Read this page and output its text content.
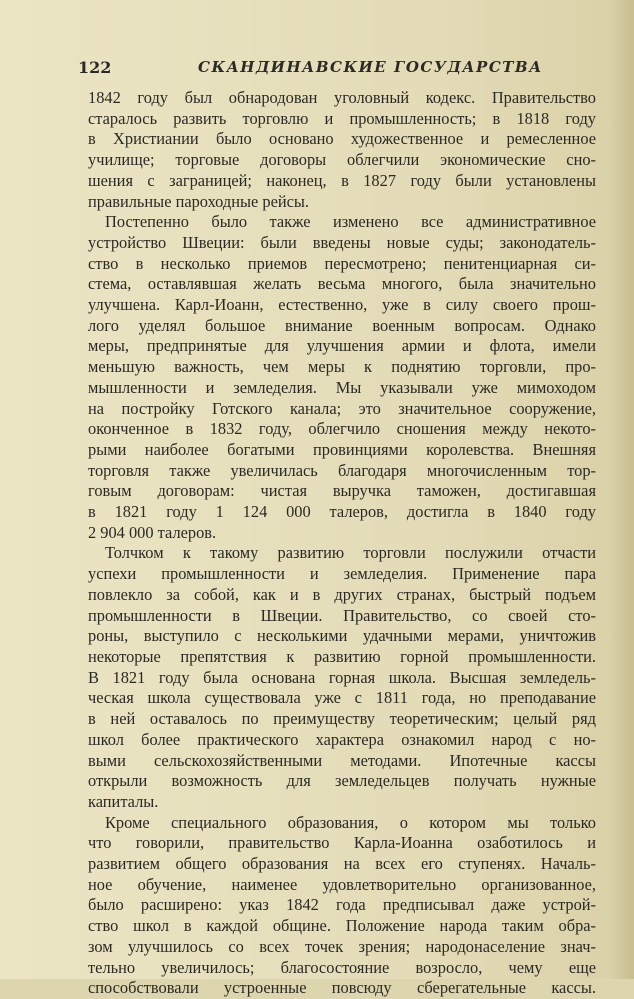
122	СКАНДИНАВСКИЕ ГОСУДАРСТВА
1842 году был обнародован уголовный кодекс. Правительство
старалось развить торговлю и промышленность; в 1818 году
в Христиании было основано художественное и ремесленное
училище; торговые договоры облегчили экономические сно-
шения с заграницей; наконец, в 1827 году были установлены
правильные пароходные рейсы.
Постепенно было также изменено все административное
устройство Швеции: были введены новые суды; законодатель-
ство в несколько приемов пересмотрено; пенитенциарная си-
стема, оставлявшая желать весьма многого, была значительно
улучшена. Карл-Иоанн, естественно, уже в силу своего прош-
лого уделял большое внимание военным вопросам. Однако
меры, предпринятые для улучшения армии и флота, имели
меньшую важность, чем меры к поднятию торговли, про-
мышленности и земледелия. Мы указывали уже мимоходом
на постройку Готского канала; это значительное сооружение,
оконченное в 1832 году, облегчило сношения между некото-
рыми наиболее богатыми провинциями королевства. Внешняя
торговля также увеличилась благодаря многочисленным тор-
говым договорам: чистая выручка таможен, достигавшая
в 1821 году 1 124 000 талеров, достигла в 1840 году
2 904 000 талеров.
Толчком к такому развитию торговли послужили отчасти
успехи промышленности и земледелия. Применение пара
повлекло за собой, как и в других странах, быстрый подъем
промышленности в Швеции. Правительство, со своей сто-
роны, выступило с несколькими удачными мерами, уничтожив
некоторые препятствия к развитию горной промышленности.
В 1821 году была основана горная школа. Высшая земледель-
ческая школа существовала уже с 1811 года, но преподавание
в ней оставалось по преимуществу теоретическим; целый ряд
школ более практического характера ознакомил народ с но-
выми сельскохозяйственными методами. Ипотечные кассы
открыли возможность для земледельцев получать нужные
капиталы.
Кроме специального образования, о котором мы только
что говорили, правительство Карла-Иоанна озаботилось и
развитием общего образования на всех его ступенях. Началь-
ное обучение, наименее удовлетворительно организованное,
было расширено: указ 1842 года предписывал даже устрой-
ство школ в каждой общине. Положение народа таким обра-
зом улучшилось со всех точек зрения; народонаселение знач-
тельно увеличилось; благосостояние возросло, чему еще
способствовали устроенные повсюду сберегательные кассы.
